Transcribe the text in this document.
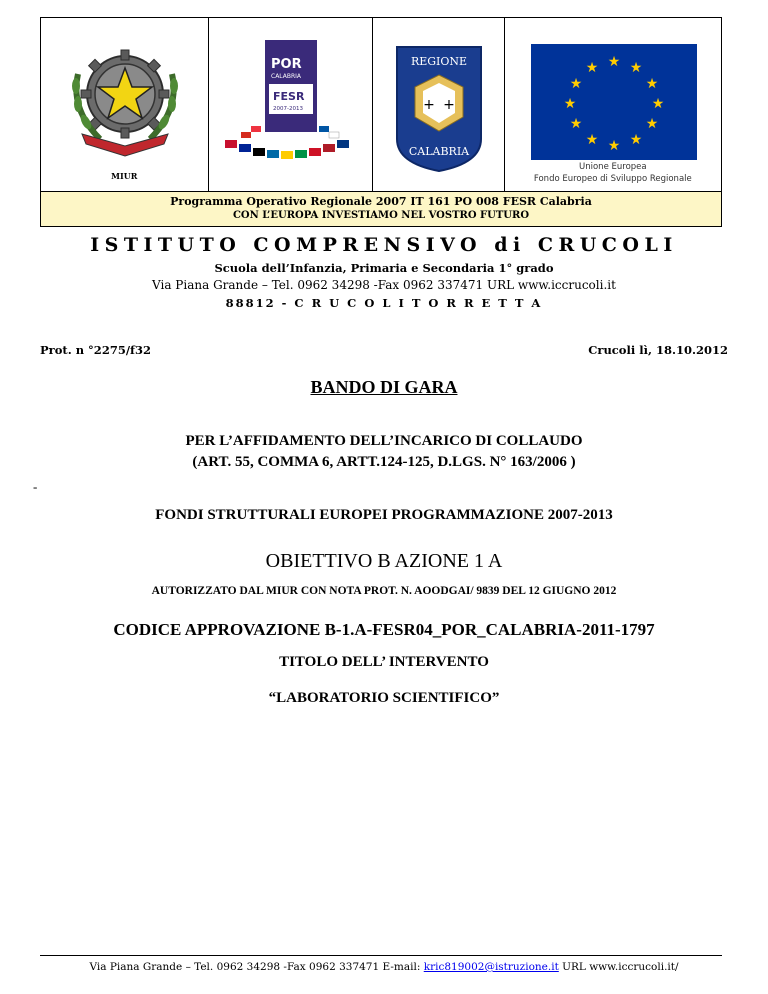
MIUR
POR
CALABRIA
FESR
2007-2013
REGIONE
+ +
CALABRIA
★ ★
★
★
★
★
★
★
★
★
★
★
Unione Europea
Fondo Europeo di Sviluppo Regionale
Programma Operativo Regionale 2007 IT 161 PO 008 FESR Calabria
CON L’EUROPA INVESTIAMO NEL VOSTRO FUTURO
ISTITUTO COMPRENSIVO di CRUCOLI
Scuola dell’Infanzia, Primaria e Secondaria 1° grado
Via Piana Grande – Tel. 0962 34298 -Fax 0962 337471 URL www.iccrucoli.it
88812 - C R U C O L I T O R R E T T A
Prot. n °2275/f32	Crucoli lì, 18.10.2012
BANDO DI GARA
PER L’AFFIDAMENTO DELL’INCARICO DI COLLAUDO
(ART. 55, COMMA 6, ARTT.124-125, D.LGS. N° 163/2006 )
-
FONDI STRUTTURALI EUROPEI PROGRAMMAZIONE 2007-2013
OBIETTIVO B AZIONE 1 A
AUTORIZZATO DAL MIUR CON NOTA PROT. N. AOODGAI/ 9839 DEL 12 GIUGNO 2012
CODICE APPROVAZIONE B-1.A-FESR04_POR_CALABRIA-2011-1797
TITOLO DELL’ INTERVENTO
“LABORATORIO SCIENTIFICO”
Via Piana Grande – Tel. 0962 34298 -Fax 0962 337471 E-mail: kric819002@istruzione.it URL www.iccrucoli.it/
